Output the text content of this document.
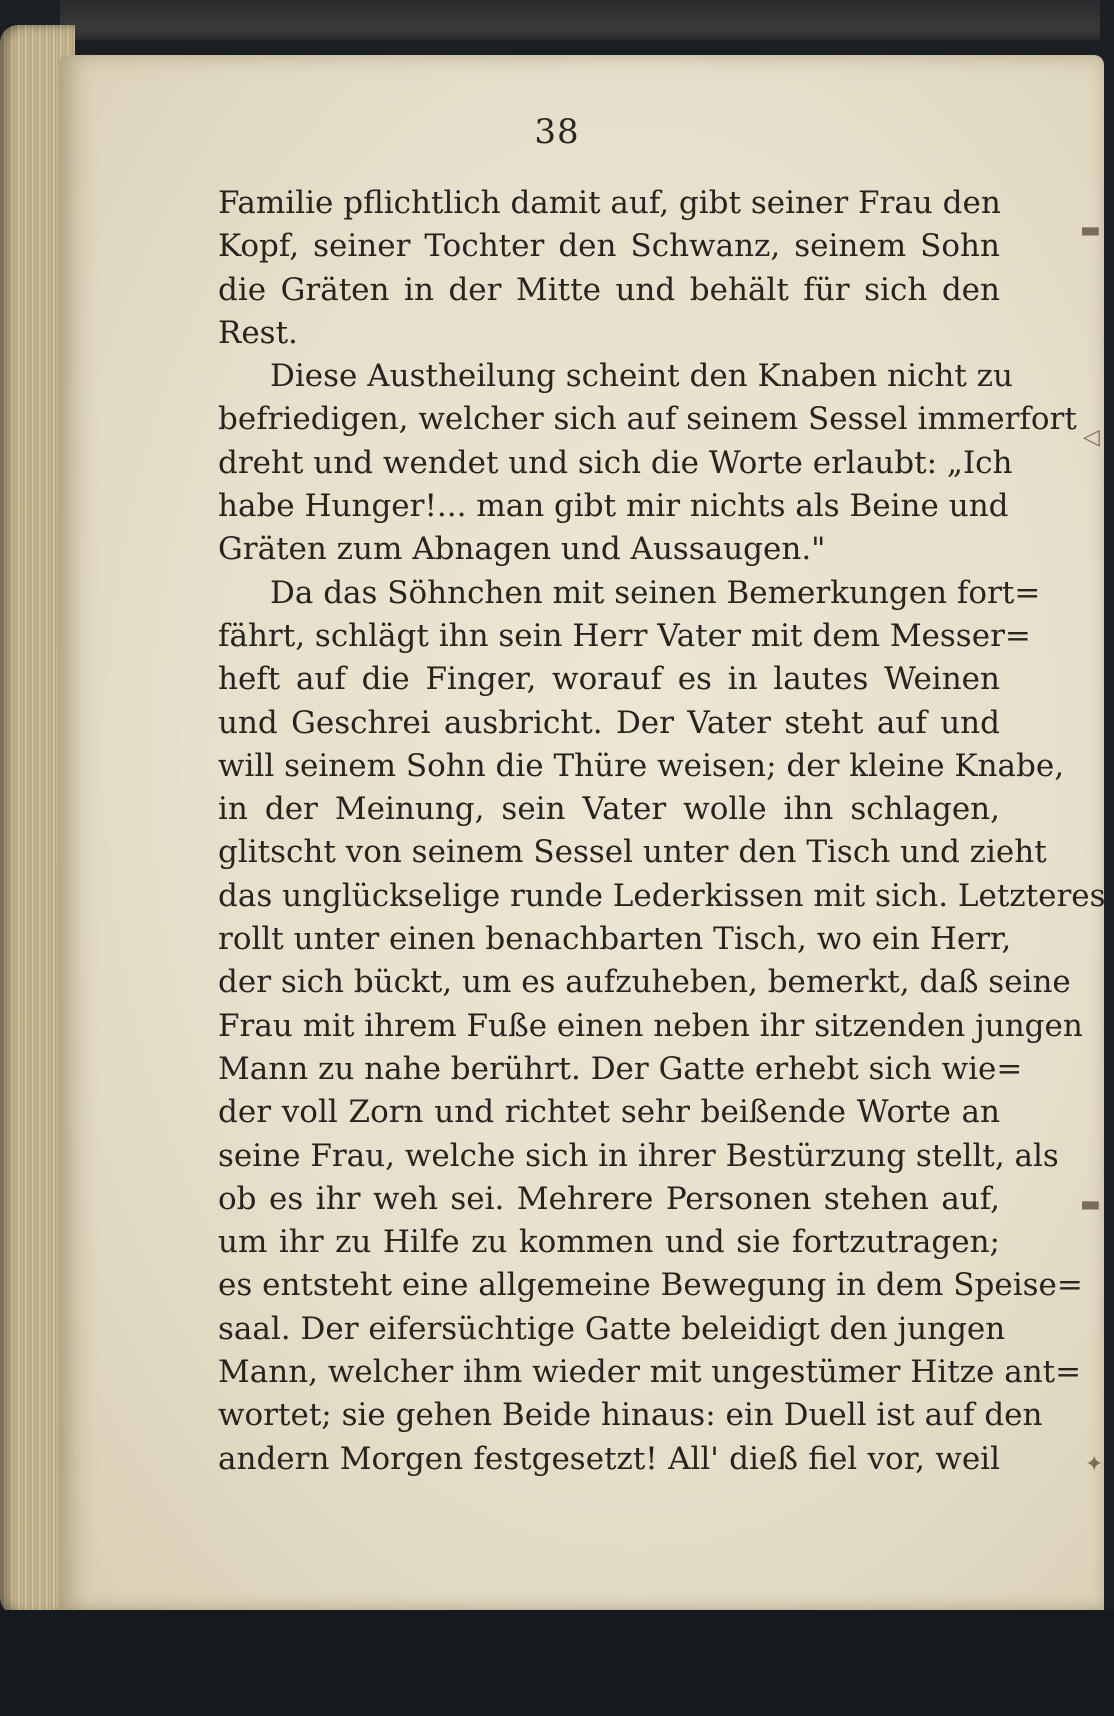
38
Familie pflichtlich damit auf, gibt seiner Frau den
Kopf, seiner Tochter den Schwanz, seinem Sohn
die Gräten in der Mitte und behält für sich den
Rest.
Diese Austheilung scheint den Knaben nicht zu
befriedigen, welcher sich auf seinem Sessel immerfort
dreht und wendet und sich die Worte erlaubt: „Ich
habe Hunger!... man gibt mir nichts als Beine und
Gräten zum Abnagen und Aussaugen."
Da das Söhnchen mit seinen Bemerkungen fort=
fährt, schlägt ihn sein Herr Vater mit dem Messer=
heft auf die Finger, worauf es in lautes Weinen
und Geschrei ausbricht. Der Vater steht auf und
will seinem Sohn die Thüre weisen; der kleine Knabe,
in der Meinung, sein Vater wolle ihn schlagen,
glitscht von seinem Sessel unter den Tisch und zieht
das unglückselige runde Lederkissen mit sich. Letzteres
rollt unter einen benachbarten Tisch, wo ein Herr,
der sich bückt, um es aufzuheben, bemerkt, daß seine
Frau mit ihrem Fuße einen neben ihr sitzenden jungen
Mann zu nahe berührt. Der Gatte erhebt sich wie=
der voll Zorn und richtet sehr beißende Worte an
seine Frau, welche sich in ihrer Bestürzung stellt, als
ob es ihr weh sei. Mehrere Personen stehen auf,
um ihr zu Hilfe zu kommen und sie fortzutragen;
es entsteht eine allgemeine Bewegung in dem Speise=
saal. Der eifersüchtige Gatte beleidigt den jungen
Mann, welcher ihm wieder mit ungestümer Hitze ant=
wortet; sie gehen Beide hinaus: ein Duell ist auf den
andern Morgen festgesetzt! All' dieß fiel vor, weil
▬
◁
▬
✦
